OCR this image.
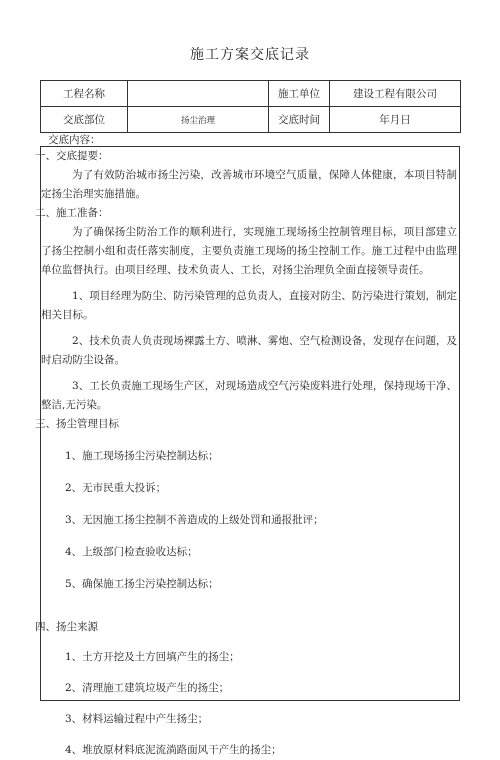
施工方案交底记录
工程名称		施工单位	建设工程有限公司
交底部位	扬尘治理	交底时间	年月日
交底内容：

一、交底提要：

为了有效防治城市扬尘污染，改善城市环境空气质量，保障人体健康，本项目特制定扬尘治理实施措施。

二、施工准备：

为了确保扬尘防治工作的顺利进行，实现施工现场扬尘控制管理目标，项目部建立了扬尘控制小组和责任落实制度，主要负责施工现场的扬尘控制工作。施工过程中由监理单位监督执行。由项目经理、技术负责人、工长，对扬尘治理负全面直接领导责任。

1、项目经理为防尘、防污染管理的总负责人，直接对防尘、防污染进行策划，制定相关目标。

2、技术负责人负责现场裸露土方、喷淋、雾炮、空气检测设备，发现存在问题，及时启动防尘设备。

3、工长负责施工现场生产区，对现场造成空气污染废料进行处理，保持现场干净、整洁,无污染。

三、扬尘管理目标

1、施工现场扬尘污染控制达标；

2、无市民重大投诉；

3、无因施工扬尘控制不善造成的上级处罚和通报批评；

4、上级部门检查验收达标；

5、确保施工扬尘污染控制达标；

四、扬尘来源

1、土方开挖及土方回填产生的扬尘；

2、清理施工建筑垃圾产生的扬尘；

3、材料运输过程中产生扬尘；

4、堆放原材料底泥流淌路面风干产生的扬尘；
